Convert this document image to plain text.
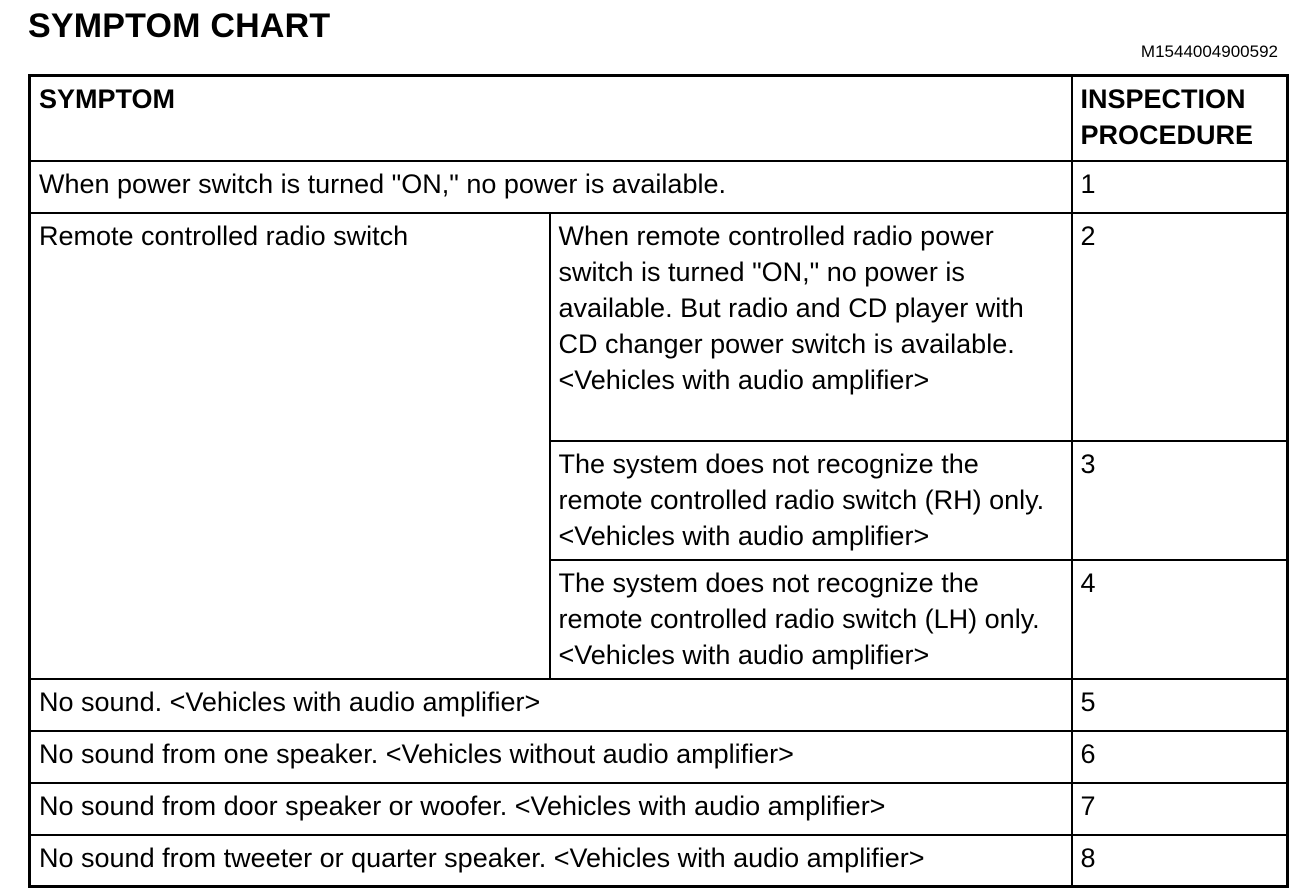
SYMPTOM CHART
M1544004900592
SYMPTOM		INSPECTION PROCEDURE
When power switch is turned "ON," no power is available.		1
Remote controlled radio switch	When remote controlled radio power switch is turned "ON," no power is available. But radio and CD player with CD changer power switch is available. <Vehicles with audio amplifier>	2
	The system does not recognize the remote controlled radio switch (RH) only. <Vehicles with audio amplifier>	3
	The system does not recognize the remote controlled radio switch (LH) only. <Vehicles with audio amplifier>	4
No sound. <Vehicles with audio amplifier>		5
No sound from one speaker. <Vehicles without audio amplifier>		6
No sound from door speaker or woofer. <Vehicles with audio amplifier>		7
No sound from tweeter or quarter speaker. <Vehicles with audio amplifier>		8
